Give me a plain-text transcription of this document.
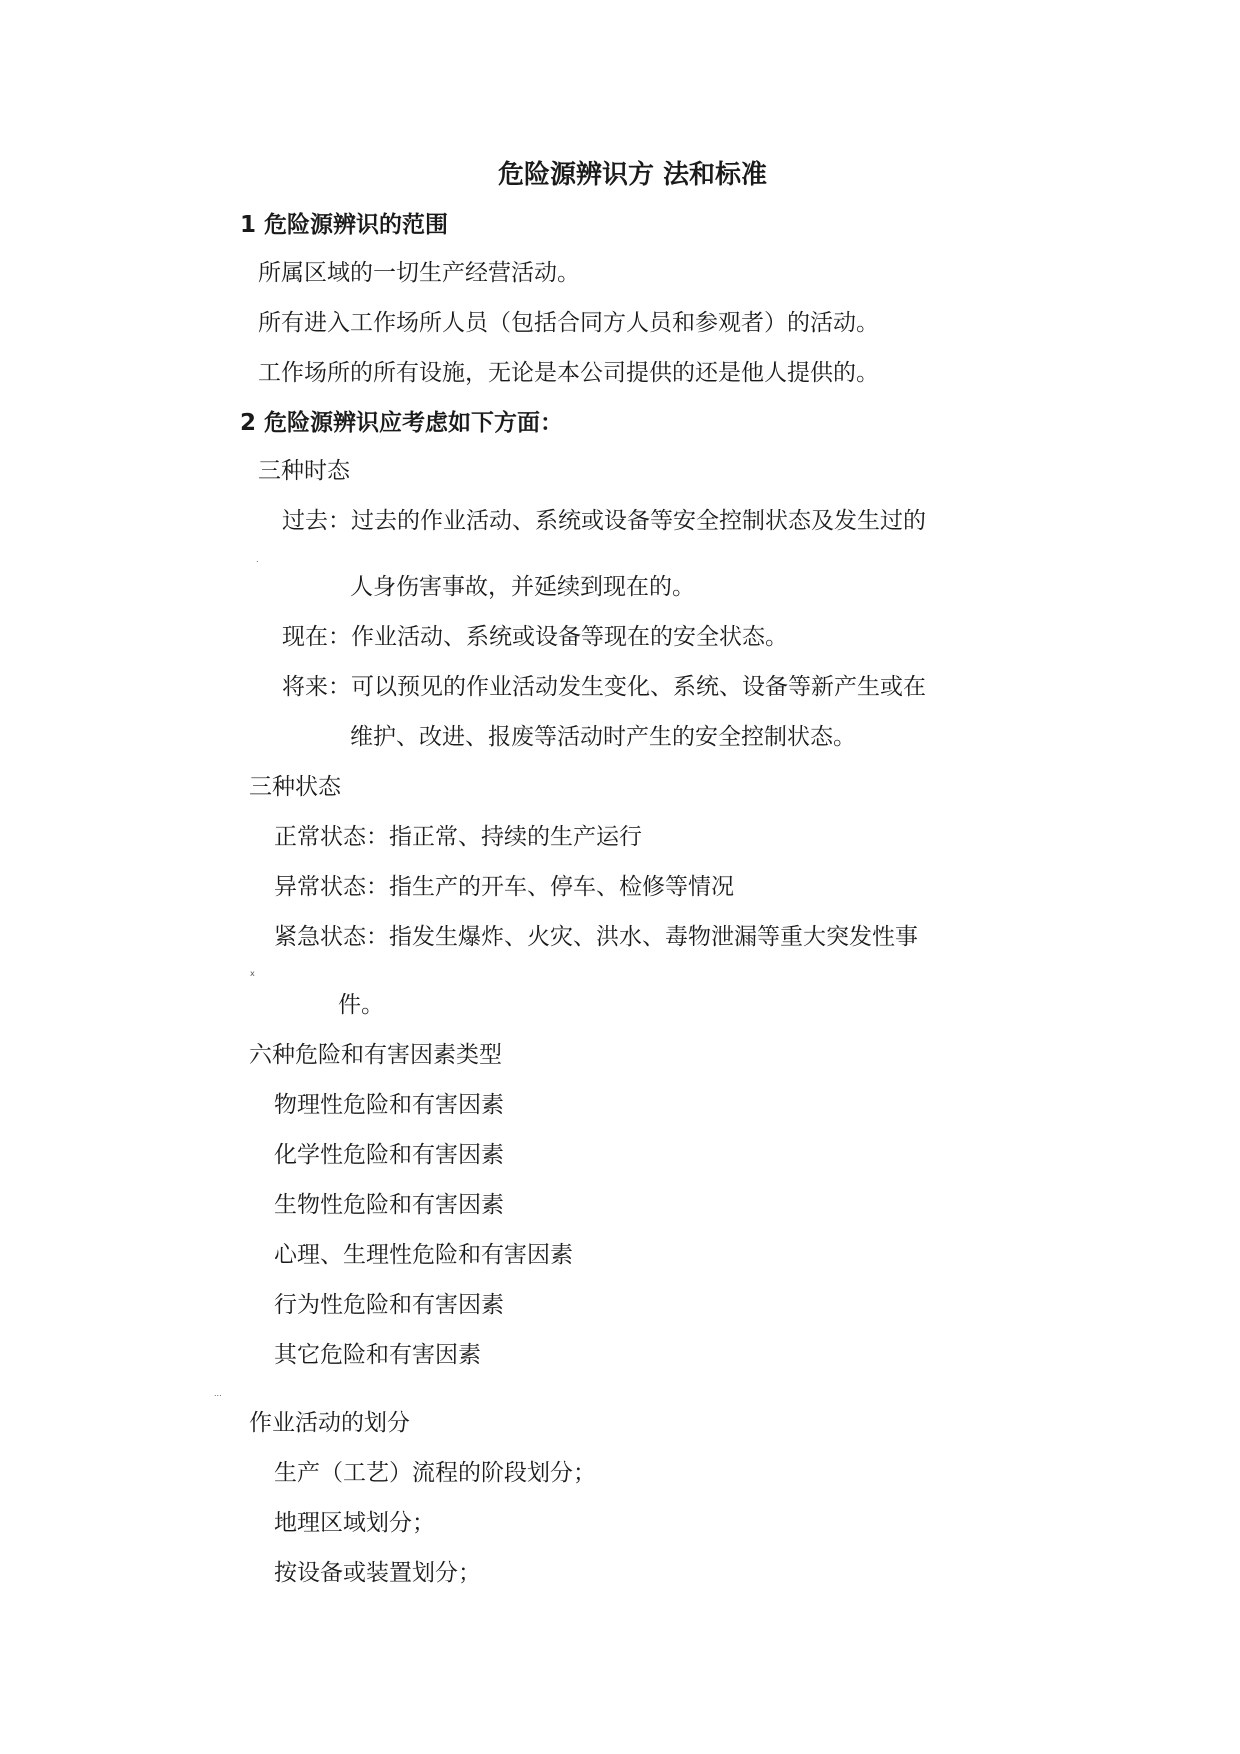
危险源辨识方 法和标准
1 危险源辨识的范围
所属区域的一切生产经营活动。
所有进入工作场所人员（包括合同方人员和参观者）的活动。
工作场所的所有设施，无论是本公司提供的还是他人提供的。
2 危险源辨识应考虑如下方面：
三种时态
过去：过去的作业活动、系统或设备等安全控制状态及发生过的
.
人身伤害事故，并延续到现在的。
现在：作业活动、系统或设备等现在的安全状态。
将来：可以预见的作业活动发生变化、系统、设备等新产生或在
维护、改进、报废等活动时产生的安全控制状态。
三种状态
正常状态：指正常、持续的生产运行
异常状态：指生产的开车、停车、检修等情况
紧急状态：指发生爆炸、火灾、洪水、毒物泄漏等重大突发性事
x
件。
六种危险和有害因素类型
物理性危险和有害因素
化学性危险和有害因素
生物性危险和有害因素
心理、生理性危险和有害因素
行为性危险和有害因素
其它危险和有害因素
...
作业活动的划分
生产（工艺）流程的阶段划分；
地理区域划分；
按设备或装置划分；
